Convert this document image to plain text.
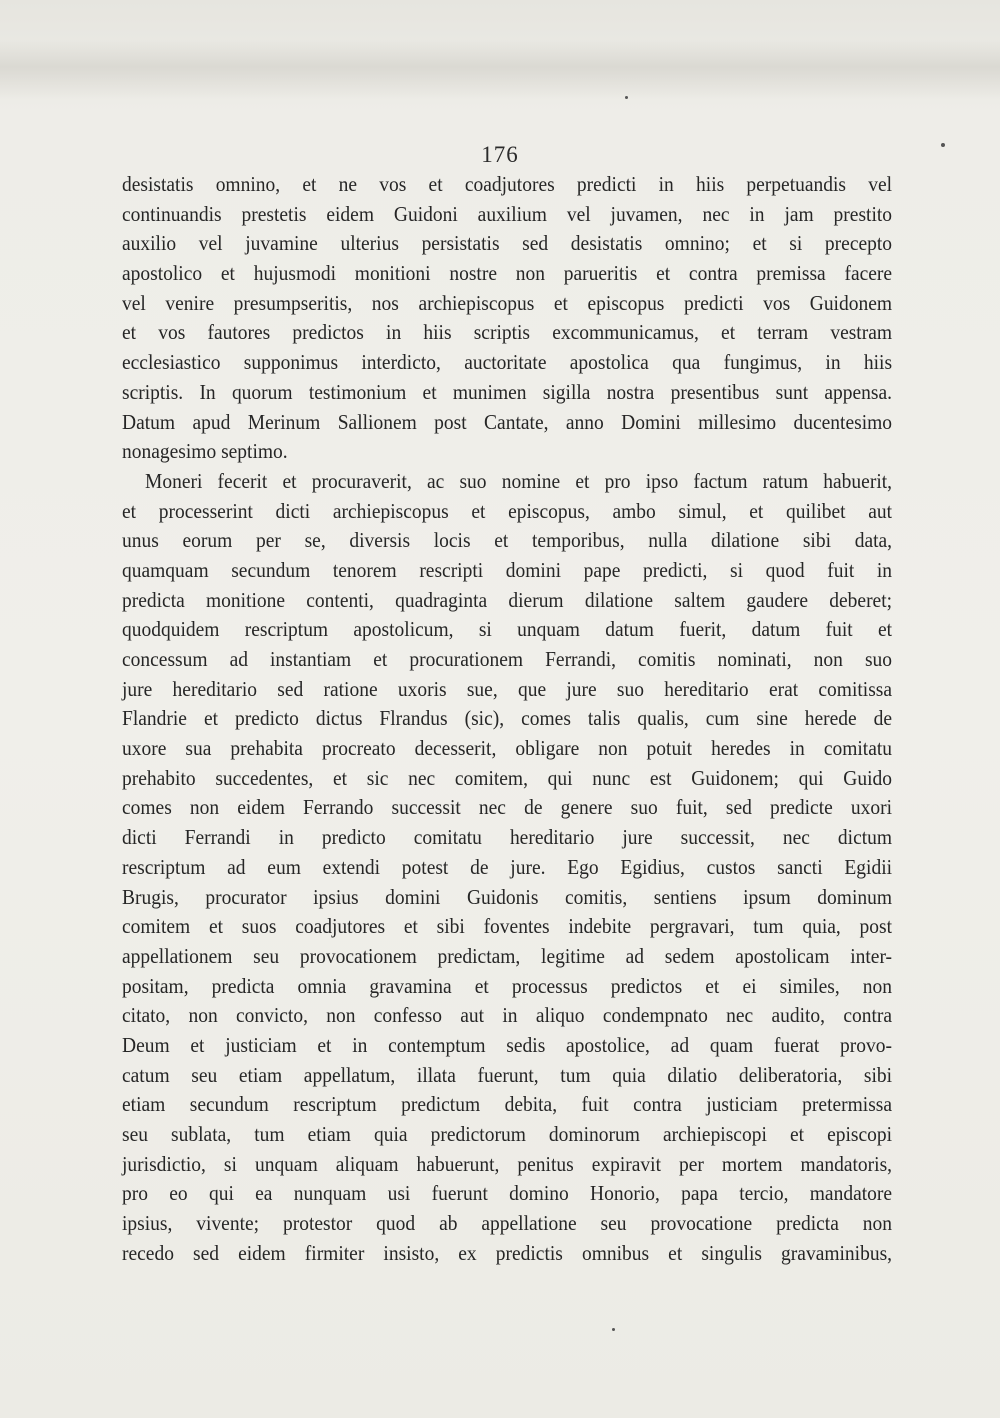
176
desistatis omnino, et ne vos et coadjutores predicti in hiis perpetuandis vel
continuandis prestetis eidem Guidoni auxilium vel juvamen, nec in jam prestito
auxilio vel juvamine ulterius persistatis sed desistatis omnino; et si precepto
apostolico et hujusmodi monitioni nostre non parueritis et contra premissa facere
vel venire presumpseritis, nos archiepiscopus et episcopus predicti vos Guidonem
et vos fautores predictos in hiis scriptis excommunicamus, et terram vestram
ecclesiasticо supponimus interdicto, auctoritate apostolica qua fungimus, in hiis
scriptis. In quorum testimonium et munimen sigilla nostra presentibus sunt appensa.
Datum apud Merinum Sallionem post Cantate, anno Domini millesimo ducentesimo
nonagesimo septimo.
Moneri fecerit et procuraverit, ac suo nomine et pro ipso factum ratum habuerit,
et processerint dicti archiepiscopus et episcopus, ambo simul, et quilibet aut
unus eorum per se, diversis locis et temporibus, nulla dilatione sibi data,
quamquam secundum tenorem rescripti domini pape predicti, si quod fuit in
predicta monitione contenti, quadraginta dierum dilatione saltem gaudere deberet;
quodquidem rescriptum apostolicum, si unquam datum fuerit, datum fuit et
concessum ad instantiam et procurationem Ferrandi, comitis nominati, non suo
jure hereditario sed ratione uxoris sue, que jure suo hereditario erat comitissa
Flandrie et predicto dictus Flrandus (sic), comes talis qualis, cum sine herede de
uxore sua prehabita procreato decesserit, obligare non potuit heredes in comitatu
prehabito succedentes, et sic nec comitem, qui nunc est Guidonem; qui Guido
comes non eidem Ferrando successit nec de genere suo fuit, sed predicte uxori
dicti Ferrandi in predicto comitatu hereditario jure successit, nec dictum
rescriptum ad eum extendi potest de jure. Ego Egidius, custos sancti Egidii
Brugis, procurator ipsius domini Guidonis comitis, sentiens ipsum dominum
comitem et suos coadjutores et sibi foventes indebite pergravari, tum quia, post
appellationem seu provocationem predictam, legitime ad sedem apostolicam inter-
positam, predicta omnia gravamina et processus predictos et ei similes, non
citato, non convicto, non confesso aut in aliquo condempnato nec audito, contra
Deum et justiciam et in contemptum sedis apostolice, ad quam fuerat provo-
catum seu etiam appellatum, illata fuerunt, tum quia dilatio deliberatoria, sibi
etiam secundum rescriptum predictum debita, fuit contra justiciam pretermissa
seu sublata, tum etiam quia predictorum dominorum archiepiscopi et episcopi
jurisdictio, si unquam aliquam habuerunt, penitus expiravit per mortem mandatoris,
pro eo qui ea nunquam usi fuerunt domino Honorio, papa tercio, mandatore
ipsius, vivente; protestor quod ab appellatione seu provocatione predicta non
recedo sed eidem firmiter insisto, ex predictis omnibus et singulis gravaminibus,
